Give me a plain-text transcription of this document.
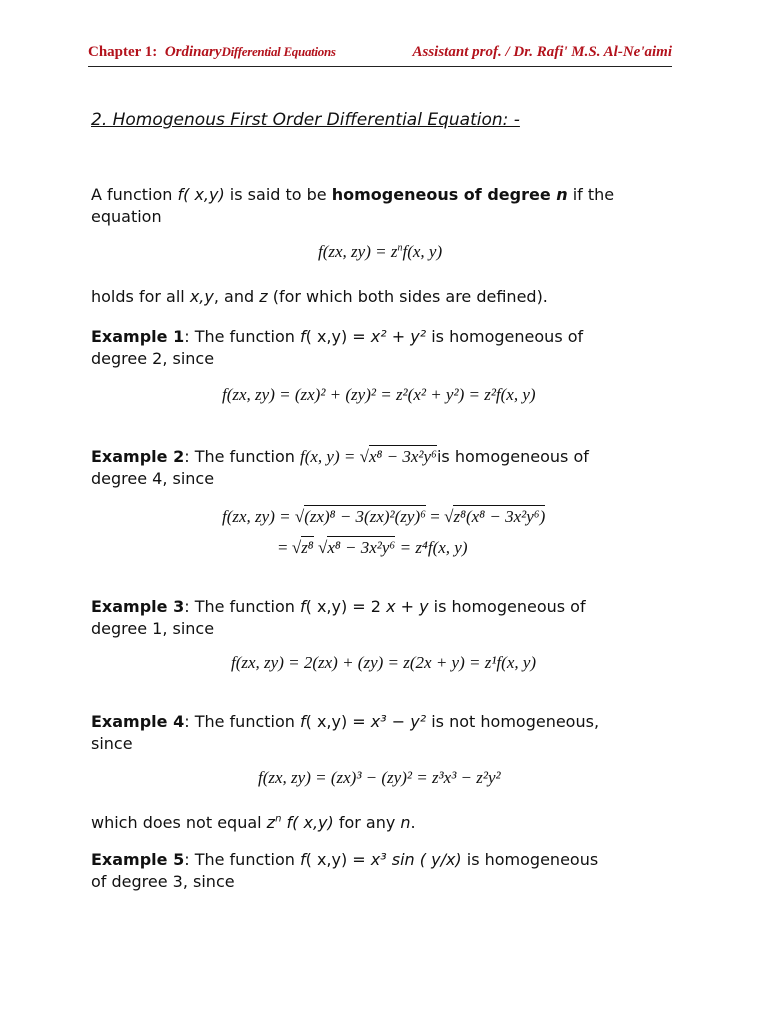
Chapter 1: OrdinaryDifferential Equations	Assistant prof. / Dr. Rafi' M.S. Al-Ne'aimi
2. Homogenous First Order Differential Equation: -
A function f( x,y) is said to be homogeneous of degree n if the
equation
f(zx, $zy) = z^nf(x$, y)
holds for all x,y, and z (for which both sides are defined).
Example 1: The function f( x,y) = x² + y² is homogeneous of
degree 2, since
f(zx, zy) = (zx)² + (zy)² = z²(x² + y²) = z²f(x, y)
Example 2: The function f(x, y) = √x⁸ − 3x²y⁶is homogeneous of
degree 4, since
f(zx, zy) = √(zx)⁸ − 3(zx)²(zy)⁶ = √z⁸(x⁸ − 3x²y⁶)
= √z⁸ √x⁸ − 3x²y⁶ = z⁴f(x, y)
Example 3: The function f( x,y) = 2 x + y is homogeneous of
degree 1, since
f(zx, zy) = 2(zx) + (zy) = z(2x + y) = z¹f(x, y)
Example 4: The function f( x,y) = x³ − y² is not homogeneous,
since
f(zx, zy) = (zx)³ − (zy)² = z³x³ − z²y²
which does not equal $z^n$ f( x,y) for any n.
Example 5: The function f( x,y) = x³ sin ( y/x) is homogeneous
of degree 3, since
